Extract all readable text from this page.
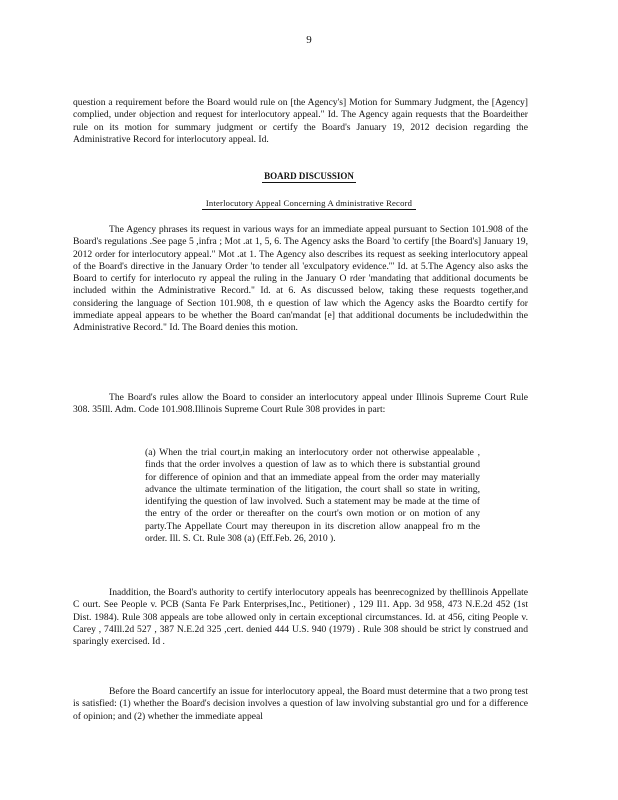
9

question a requirement before the Board would rule on [the Agency's] Motion for Summary Judgment, the [Agency] complied, under objection and request for interlocutory appeal." Id. The Agency again requests that the Boardeither rule on its motion for summary judgment or certify the Board's January 19, 2012 decision regarding the Administrative Record for interlocutory appeal. Id.

BOARD DISCUSSION

Interlocutory Appeal Concerning A dministrative Record

The Agency phrases its request in various ways for an immediate appeal pursuant to Section 101.908 of the Board's regulations .See page 5 ,infra ; Mot .at 1, 5, 6. The Agency asks the Board 'to certify [the Board's] January 19, 2012 order for interlocutory appeal." Mot .at 1. The Agency also describes its request as seeking interlocutory appeal of the Board's directive in the January Order 'to tender all 'exculpatory evidence.'" Id. at 5.The Agency also asks the Board to certify for interlocuto ry appeal the ruling in the January O rder 'mandating that additional documents be included within the Administrative Record." Id. at 6. As discussed below, taking these requests together,and considering the language of Section 101.908, th e question of law which the Agency asks the Boardto certify for immediate appeal appears to be whether the Board can'mandat [e] that additional documents be includedwithin the Administrative Record." Id. The Board denies this motion.

The Board's rules allow the Board to consider an interlocutory appeal under Illinois Supreme Court Rule 308. 35Ill. Adm. Code 101.908.Illinois Supreme Court Rule 308 provides in part:

(a) When the trial court,in making an interlocutory order not otherwise appealable , finds that the order involves a question of law as to which there is substantial ground for difference of opinion and that an immediate appeal from the order may materially advance the ultimate termination of the litigation, the court shall so state in writing, identifying the question of law involved. Such a statement may be made at the time of the entry of the order or thereafter on the court's own motion or on motion of any party.The Appellate Court may thereupon in its discretion allow anappeal fro m the order. Ill. S. Ct. Rule 308 (a) (Eff.Feb. 26, 2010 ).

Inaddition, the Board's authority to certify interlocutory appeals has beenrecognized by theIllinois Appellate C ourt. See People v. PCB (Santa Fe Park Enterprises,Inc., Petitioner) , 129 Il1. App. 3d 958, 473 N.E.2d 452 (1st Dist. 1984). Rule 308 appeals are tobe allowed only in certain exceptional circumstances. Id. at 456, citing People v. Carey , 74Ill.2d 527 , 387 N.E.2d 325 ,cert. denied 444 U.S. 940 (1979) . Rule 308 should be strict ly construed and sparingly exercised. Id .

Before the Board cancertify an issue for interlocutory appeal, the Board must determine that a two prong test is satisfied: (1) whether the Board's decision involves a question of law involving substantial gro und for a difference of opinion; and (2) whether the immediate appeal
